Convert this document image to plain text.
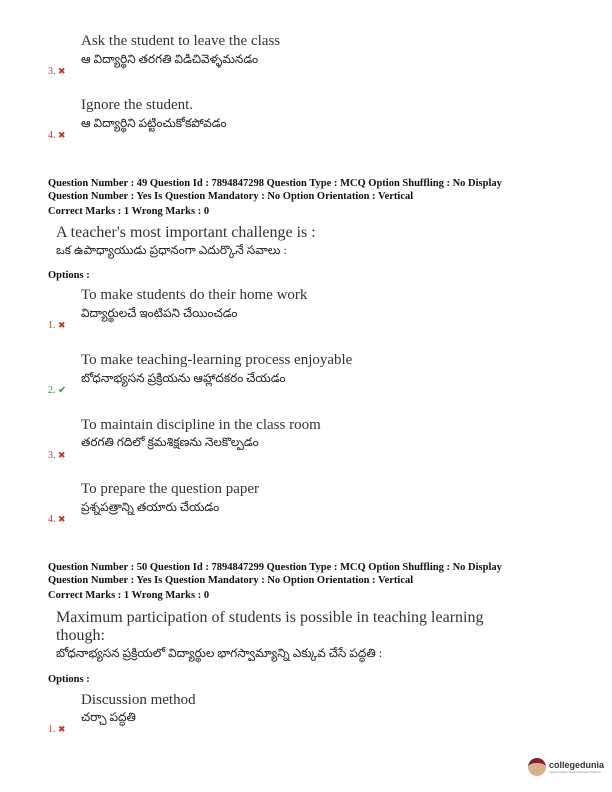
Ask the student to leave the class
ఆ విద్యార్థిని తరగతి విడిచివెళ్ళమనడం
3. ✖
Ignore the student.
ఆ విద్యార్థిని పట్టించుకోకపోవడం
4. ✖
Question Number : 49 Question Id : 7894847298 Question Type : MCQ Option Shuffling : No Display
Question Number : Yes Is Question Mandatory : No Option Orientation : Vertical
Correct Marks : 1 Wrong Marks : 0
A teacher's most important challenge is :
ఒక ఉపాధ్యాయుడు ప్రధానంగా ఎదుర్కొనే సవాలు :
Options :
To make students do their home work
విద్యార్థులచే ఇంటిపని చేయించడం
1. ✖
To make teaching-learning process enjoyable
బోధనాభ్యసన ప్రక్రియను ఆహ్లాదకరం చేయడం
2. ✔
To maintain discipline in the class room
తరగతి గదిలో క్రమశిక్షణను నెలకొల్పడం
3. ✖
To prepare the question paper
ప్రశ్నపత్రాన్ని తయారు చేయడం
4. ✖
Question Number : 50 Question Id : 7894847299 Question Type : MCQ Option Shuffling : No Display
Question Number : Yes Is Question Mandatory : No Option Orientation : Vertical
Correct Marks : 1 Wrong Marks : 0
Maximum participation of students is possible in teaching learning
though:
బోధనాభ్యసన ప్రక్రియలో విద్యార్థుల భాగస్వామ్యాన్ని ఎక్కువ చేసే పద్ధతి :
Options :
Discussion method
చర్చా పద్ధతి
1. ✖
collegedunia
India's largest Student Review Platform
